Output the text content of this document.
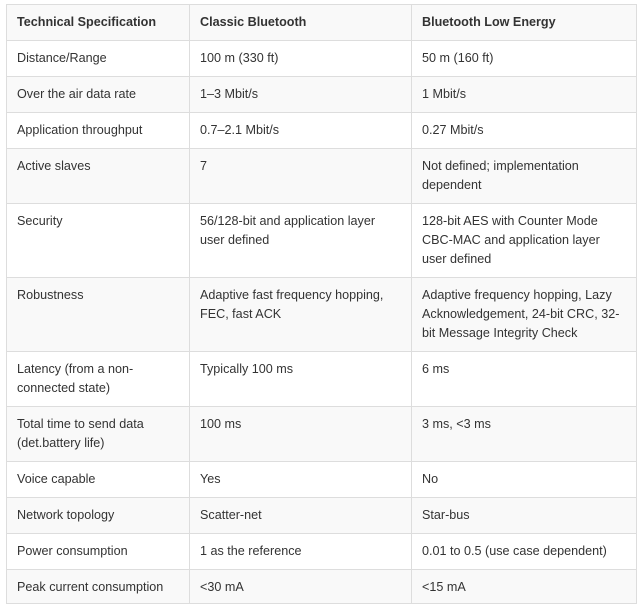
Technical Specification	Classic Bluetooth	Bluetooth Low Energy
Distance/Range	100 m (330 ft)	50 m (160 ft)
Over the air data rate	1–3 Mbit/s	1 Mbit/s
Application throughput	0.7–2.1 Mbit/s	0.27 Mbit/s
Active slaves	7	Not defined; implementation dependent
Security	56/128-bit and application layer user defined	128-bit AES with Counter Mode CBC-MAC and application layer user defined
Robustness	Adaptive fast frequency hopping, FEC, fast ACK	Adaptive frequency hopping, Lazy Acknowledgement, 24-bit CRC, 32-bit Message Integrity Check
Latency (from a non-connected state)	Typically 100 ms	6 ms
Total time to send data (det.battery life)	100 ms	3 ms, <3 ms
Voice capable	Yes	No
Network topology	Scatter-net	Star-bus
Power consumption	1 as the reference	0.01 to 0.5 (use case dependent)
Peak current consumption	<30 mA	<15 mA
